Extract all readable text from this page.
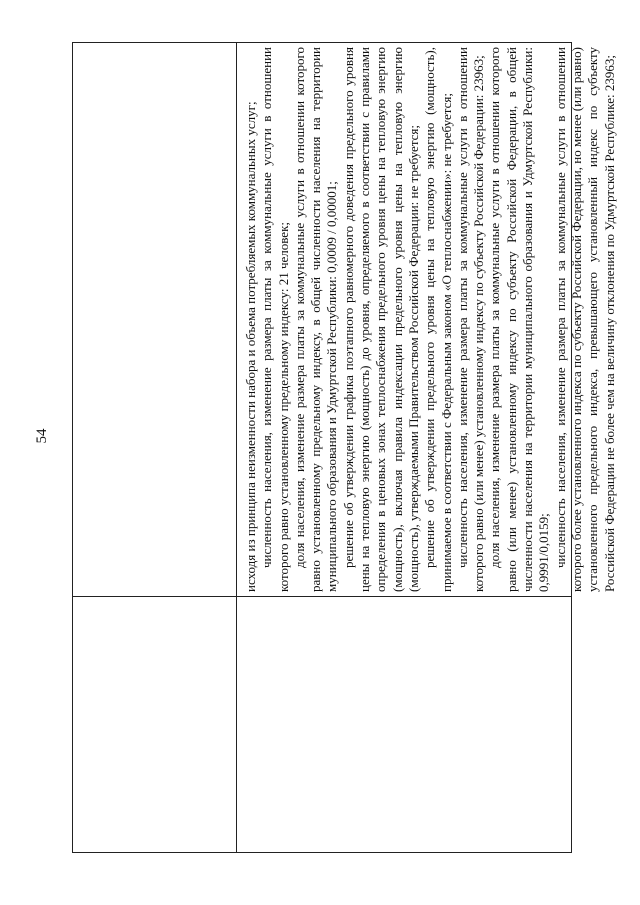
54	исходя из принципа неизменности набора и объема потребляемых коммунальных услуг; численность населения, изменение размера платы за коммунальные услуги в отношении которого равно установленному предельному индексу: 21 человек; доля населения, изменение размера платы за коммунальные услуги в отношении которого равно установленному предельному индексу, в общей численности населения на территории муниципального образования и Удмуртской Республики: 0,0009 / 0,00001; решение об утверждении графика поэтапного равномерного доведения предельного уровня цены на тепловую энергию (мощность) до уровня, определяемого в соответствии с правилами определения в ценовых зонах теплоснабжения предельного уровня цены на тепловую энергию (мощность), включая правила индексации предельного уровня цены на тепловую энергию (мощность), утверждаемыми Правительством Российской Федерации: не требуется; решение об утверждении предельного уровня цены на тепловую энергию (мощность), принимаемое в соответствии с Федеральным законом «О теплоснабжении»: не требуется; численность населения, изменение размера платы за коммунальные услуги в отношении которого равно (или менее) установленному индексу по субъекту Российской Федерации: 23963; доля населения, изменение размера платы за коммунальные услуги в отношении которого равно (или менее) установленному индексу по субъекту Российской Федерации, в общей численности населения на территории муниципального образования и Удмуртской Республики: 0,9991/0,0159; численность населения, изменение размера платы за коммунальные услуги в отношении которого более установленного индекса по субъекту Российской Федерации, но менее (или равно) установленного предельного индекса, превышающего установленный индекс по субъекту Российской Федерации не более чем на величину отклонения по Удмуртской Республике: 23963;
